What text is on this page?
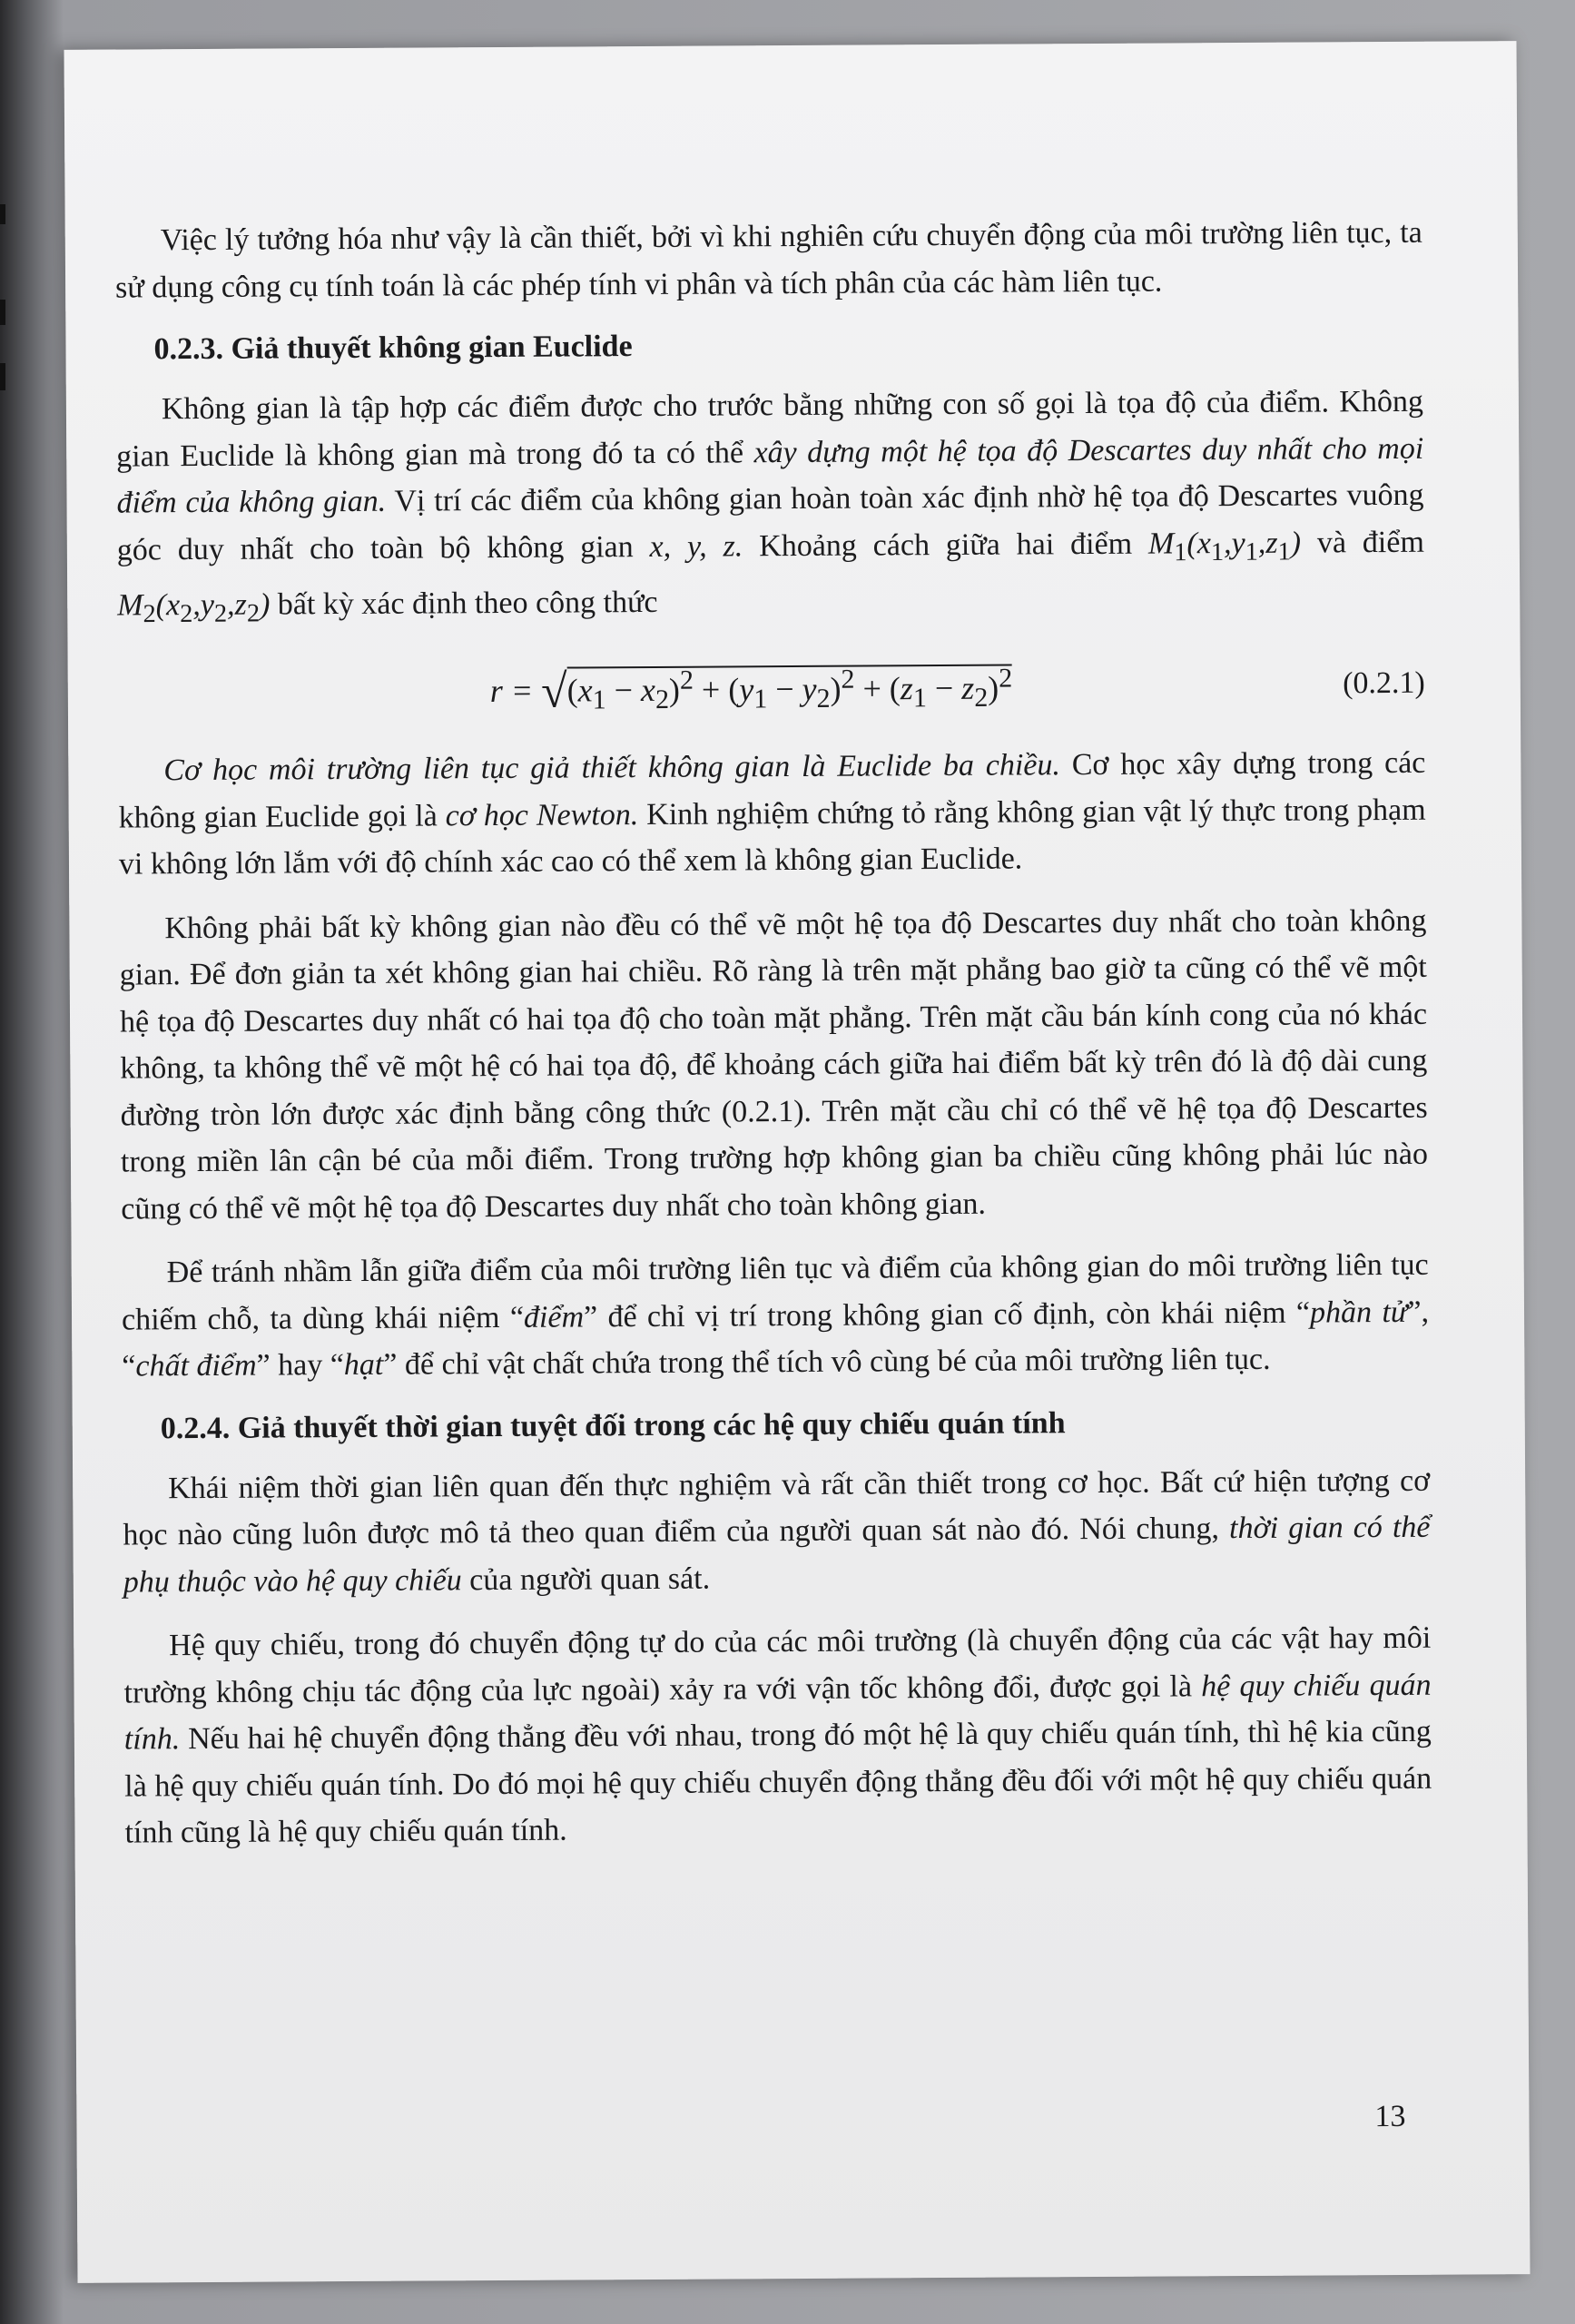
Việc lý tưởng hóa như vậy là cần thiết, bởi vì khi nghiên cứu chuyển động của môi trường liên tục, ta sử dụng công cụ tính toán là các phép tính vi phân và tích phân của các hàm liên tục.

0.2.3. Giả thuyết không gian Euclide

Không gian là tập hợp các điểm được cho trước bằng những con số gọi là tọa độ của điểm. Không gian Euclide là không gian mà trong đó ta có thể xây dựng một hệ tọa độ Descartes duy nhất cho mọi điểm của không gian. Vị trí các điểm của không gian hoàn toàn xác định nhờ hệ tọa độ Descartes vuông góc duy nhất cho toàn bộ không gian x, y, z. Khoảng cách giữa hai điểm $M_1(x_1,y_1,z_1)$ và điểm $M_2(x_2,y_2,z_2)$ bất kỳ xác định theo công thức

$r = √(x_1 - x_2)^2 + (y_1 - y_2)^2 + (z_1 - z_2)^2$	(0.2.1)

Cơ học môi trường liên tục giả thiết không gian là Euclide ba chiều. Cơ học xây dựng trong các không gian Euclide gọi là cơ học Newton. Kinh nghiệm chứng tỏ rằng không gian vật lý thực trong phạm vi không lớn lắm với độ chính xác cao có thể xem là không gian Euclide.

Không phải bất kỳ không gian nào đều có thể vẽ một hệ tọa độ Descartes duy nhất cho toàn không gian. Để đơn giản ta xét không gian hai chiều. Rõ ràng là trên mặt phẳng bao giờ ta cũng có thể vẽ một hệ tọa độ Descartes duy nhất có hai tọa độ cho toàn mặt phẳng. Trên mặt cầu bán kính cong của nó khác không, ta không thể vẽ một hệ có hai tọa độ, để khoảng cách giữa hai điểm bất kỳ trên đó là độ dài cung đường tròn lớn được xác định bằng công thức (0.2.1). Trên mặt cầu chỉ có thể vẽ hệ tọa độ Descartes trong miền lân cận bé của mỗi điểm. Trong trường hợp không gian ba chiều cũng không phải lúc nào cũng có thể vẽ một hệ tọa độ Descartes duy nhất cho toàn không gian.

Để tránh nhầm lẫn giữa điểm của môi trường liên tục và điểm của không gian do môi trường liên tục chiếm chỗ, ta dùng khái niệm “điểm” để chỉ vị trí trong không gian cố định, còn khái niệm “phần tử”, “chất điểm” hay “hạt” để chỉ vật chất chứa trong thể tích vô cùng bé của môi trường liên tục.

0.2.4. Giả thuyết thời gian tuyệt đối trong các hệ quy chiếu quán tính

Khái niệm thời gian liên quan đến thực nghiệm và rất cần thiết trong cơ học. Bất cứ hiện tượng cơ học nào cũng luôn được mô tả theo quan điểm của người quan sát nào đó. Nói chung, thời gian có thể phụ thuộc vào hệ quy chiếu của người quan sát.

Hệ quy chiếu, trong đó chuyển động tự do của các môi trường (là chuyển động của các vật hay môi trường không chịu tác động của lực ngoài) xảy ra với vận tốc không đổi, được gọi là hệ quy chiếu quán tính. Nếu hai hệ chuyển động thẳng đều với nhau, trong đó một hệ là quy chiếu quán tính, thì hệ kia cũng là hệ quy chiếu quán tính. Do đó mọi hệ quy chiếu chuyển động thẳng đều đối với một hệ quy chiếu quán tính cũng là hệ quy chiếu quán tính.

13
